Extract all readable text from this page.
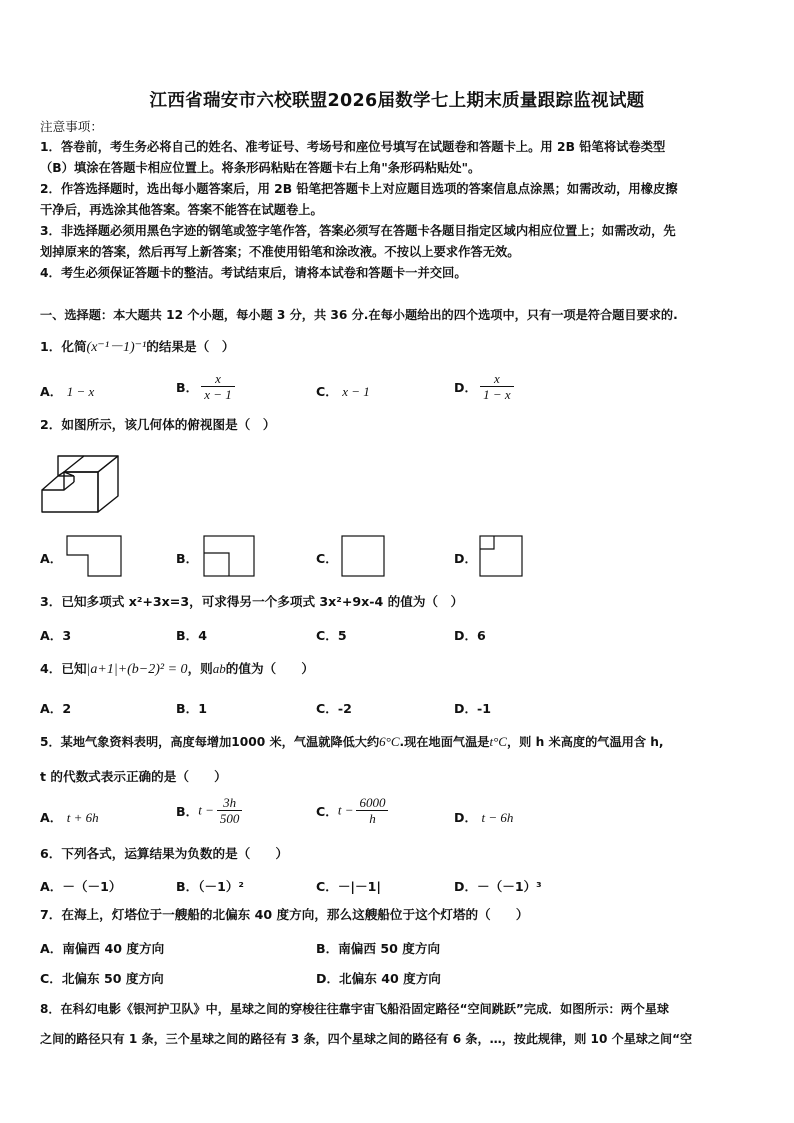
江西省瑞安市六校联盟2026届数学七上期末质量跟踪监视试题
注意事项：
1．答卷前，考生务必将自己的姓名、准考证号、考场号和座位号填写在试题卷和答题卡上。用 2B 铅笔将试卷类型
（B）填涂在答题卡相应位置上。将条形码粘贴在答题卡右上角"条形码粘贴处"。
2．作答选择题时，选出每小题答案后，用 2B 铅笔把答题卡上对应题目选项的答案信息点涂黑；如需改动，用橡皮擦
干净后，再选涂其他答案。答案不能答在试题卷上。
3．非选择题必须用黑色字迹的钢笔或签字笔作答，答案必须写在答题卡各题目指定区域内相应位置上；如需改动，先
划掉原来的答案，然后再写上新答案；不准使用铅笔和涂改液。不按以上要求作答无效。
4．考生必须保证答题卡的整洁。考试结束后，请将本试卷和答题卡一并交回。
一、选择题：本大题共 12 个小题，每小题 3 分，共 36 分.在每小题给出的四个选项中，只有一项是符合题目要求的.
1．化简(x⁻¹－1)⁻¹的结果是（　）
A． 1 − x	B． $\frac{x}{x - 1}$	C． x − 1	D． $\frac{x}{1 - x}$
2．如图所示，该几何体的俯视图是（　）
A．	B．	C．	D．
3．已知多项式 x²+3x=3，可求得另一个多项式 3x²+9x-4 的值为（　）
A．3	B．4	C．5	D．6
4．已知|a+1|+(b−2)² = 0，则ab的值为（　　）
A．2	B．1	C．-2	D．-1
5．某地气象资料表明，高度每增加1000 米，气温就降低大约6°C.现在地面气温是t°C，则 h 米高度的气温用含 h,
t 的代数式表示正确的是（　　）
A． t + 6h	B．$t - \frac{3h}{500}$	C．$t - \frac{6000}{h}$	D． t − 6h
6．下列各式，运算结果为负数的是（　　）
A．－（－1）	B．（－1）²	C．－|－1|	D．－（－1）³
7．在海上，灯塔位于一艘船的北偏东 40 度方向，那么这艘船位于这个灯塔的（　　）
A．南偏西 40 度方向	B．南偏西 50 度方向
C．北偏东 50 度方向	D．北偏东 40 度方向
8．在科幻电影《银河护卫队》中，星球之间的穿梭往往靠宇宙飞船沿固定路径“空间跳跃”完成．如图所示：两个星球
之间的路径只有 1 条，三个星球之间的路径有 3 条，四个星球之间的路径有 6 条，…，按此规律，则 10 个星球之间“空
